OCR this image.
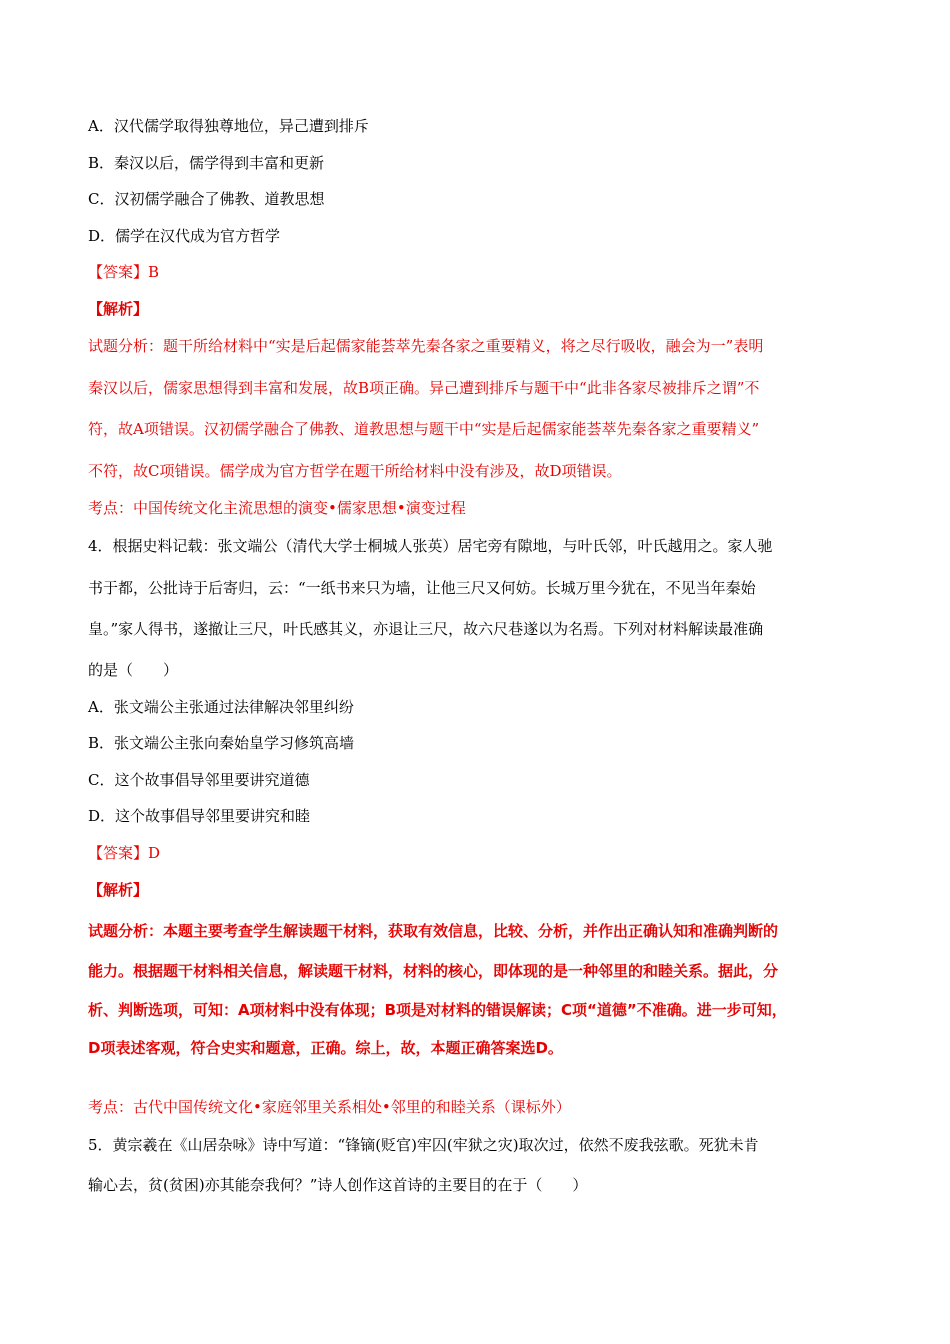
A．汉代儒学取得独尊地位，异己遭到排斥
B．秦汉以后，儒学得到丰富和更新
C．汉初儒学融合了佛教、道教思想
D．儒学在汉代成为官方哲学
【答案】B
【解析】
试题分析：题干所给材料中“实是后起儒家能荟萃先秦各家之重要精义，将之尽行吸收，融会为一”表明
秦汉以后，儒家思想得到丰富和发展，故B项正确。异己遭到排斥与题干中“此非各家尽被排斥之谓”不
符，故A项错误。汉初儒学融合了佛教、道教思想与题干中“实是后起儒家能荟萃先秦各家之重要精义”
不符，故C项错误。儒学成为官方哲学在题干所给材料中没有涉及，故D项错误。
考点：中国传统文化主流思想的演变•儒家思想•演变过程
4．根据史料记载：张文端公（清代大学士桐城人张英）居宅旁有隙地，与叶氏邻，叶氏越用之。家人驰
书于都，公批诗于后寄归，云：“一纸书来只为墙，让他三尺又何妨。长城万里今犹在，不见当年秦始
皇。”家人得书，遂撤让三尺，叶氏感其义，亦退让三尺，故六尺巷遂以为名焉。下列对材料解读最准确
的是（　　）
A．张文端公主张通过法律解决邻里纠纷
B．张文端公主张向秦始皇学习修筑高墙
C．这个故事倡导邻里要讲究道德
D．这个故事倡导邻里要讲究和睦
【答案】D
【解析】
试题分析：本题主要考查学生解读题干材料，获取有效信息，比较、分析，并作出正确认知和准确判断的
能力。根据题干材料相关信息，解读题干材料，材料的核心，即体现的是一种邻里的和睦关系。据此，分
析、判断选项，可知：A项材料中没有体现；B项是对材料的错误解读；C项“道德”不准确。进一步可知，
D项表述客观，符合史实和题意，正确。综上，故，本题正确答案选D。
考点：古代中国传统文化•家庭邻里关系相处•邻里的和睦关系（课标外）
5．黄宗羲在《山居杂咏》诗中写道：“锋镝(贬官)牢囚(牢狱之灾)取次过，依然不废我弦歌。死犹未肯
输心去，贫(贫困)亦其能奈我何？”诗人创作这首诗的主要目的在于（　　）
